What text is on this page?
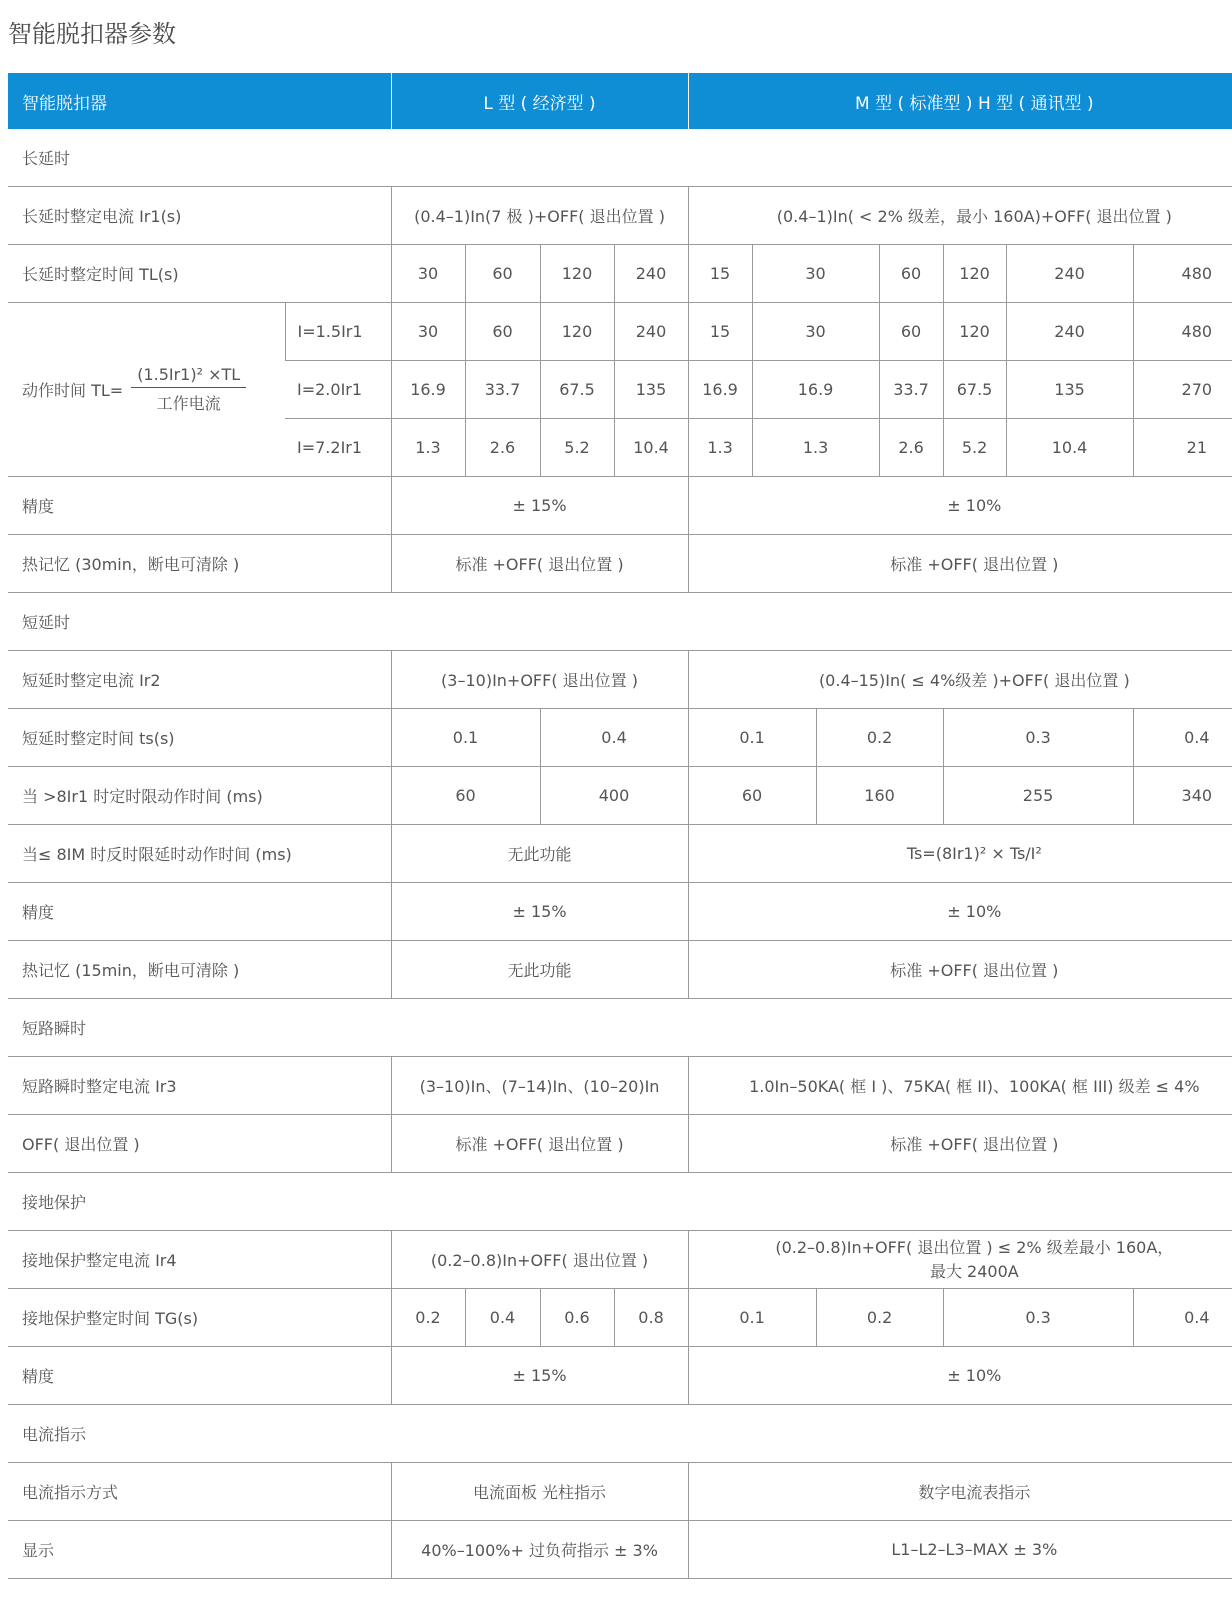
智能脱扣器参数
智能脱扣器		L 型 ( 经济型 )				M 型 ( 标准型 ) H 型 ( 通讯型 )						
长延时												
长延时整定电流 Ir1(s)		(0.4–1)In(7 极 )+OFF( 退出位置 )				(0.4–1)In( < 2% 级差，最小 160A)+OFF( 退出位置 )						
长延时整定时间 TL(s)		30	60	120	240	15	30		60	120	240	480

动作时间 $TL= \frac{\text{(1.5Ir1)² ×TL}}{\text{工作电流}}$	I=1.5Ir1	30	60	120	240	15	30		60	120	240	480
	I=2.0Ir1	16.9	33.7	67.5	135	16.9	16.9		33.7	67.5	135	270
	I=7.2Ir1	1.3	2.6	5.2	10.4	1.3	1.3		2.6	5.2	10.4	21
精度		± 15%				± 10%						
热记忆 (30min，断电可清除 )		标准 +OFF( 退出位置 )				标准 +OFF( 退出位置 )						
短延时												
短延时整定电流 Ir2		(3–10)In+OFF( 退出位置 )				(0.4–15)In( ≤ 4%级差 )+OFF( 退出位置 )						
短延时整定时间 ts(s)		0.1		0.4		0.1		0.2		0.3		0.4
当 >8Ir1 时定时限动作时间 (ms)		60		400		60		160		255		340
当≤ 8IM 时反时限延时动作时间 (ms)		无此功能				Ts=(8Ir1)² × Ts/I²						
精度		± 15%				± 10%						
热记忆 (15min，断电可清除 )		无此功能				标准 +OFF( 退出位置 )						
短路瞬时												
短路瞬时整定电流 Ir3		(3–10)In、(7–14)In、(10–20)In				1.0In–50KA( 框 I )、75KA( 框 II)、100KA( 框 III) 级差 ≤ 4%						
OFF( 退出位置 )		标准 +OFF( 退出位置 )				标准 +OFF( 退出位置 )						
接地保护												
接地保护整定电流 Ir4		(0.2–0.8)In+OFF( 退出位置 )				(0.2–0.8)In+OFF( 退出位置 ) ≤ 2% 级差最小 160A，
最大 2400A						

接地保护整定时间 TG(s)		0.2	0.4	0.6	0.8	0.1		0.2		0.3		0.4
精度		± 15%				± 10%						
电流指示												
电流指示方式		电流面板 光柱指示				数字电流表指示						
显示		40%–100%+ 过负荷指示 ± 3%				L1–L2–L3–MAX ± 3%						
